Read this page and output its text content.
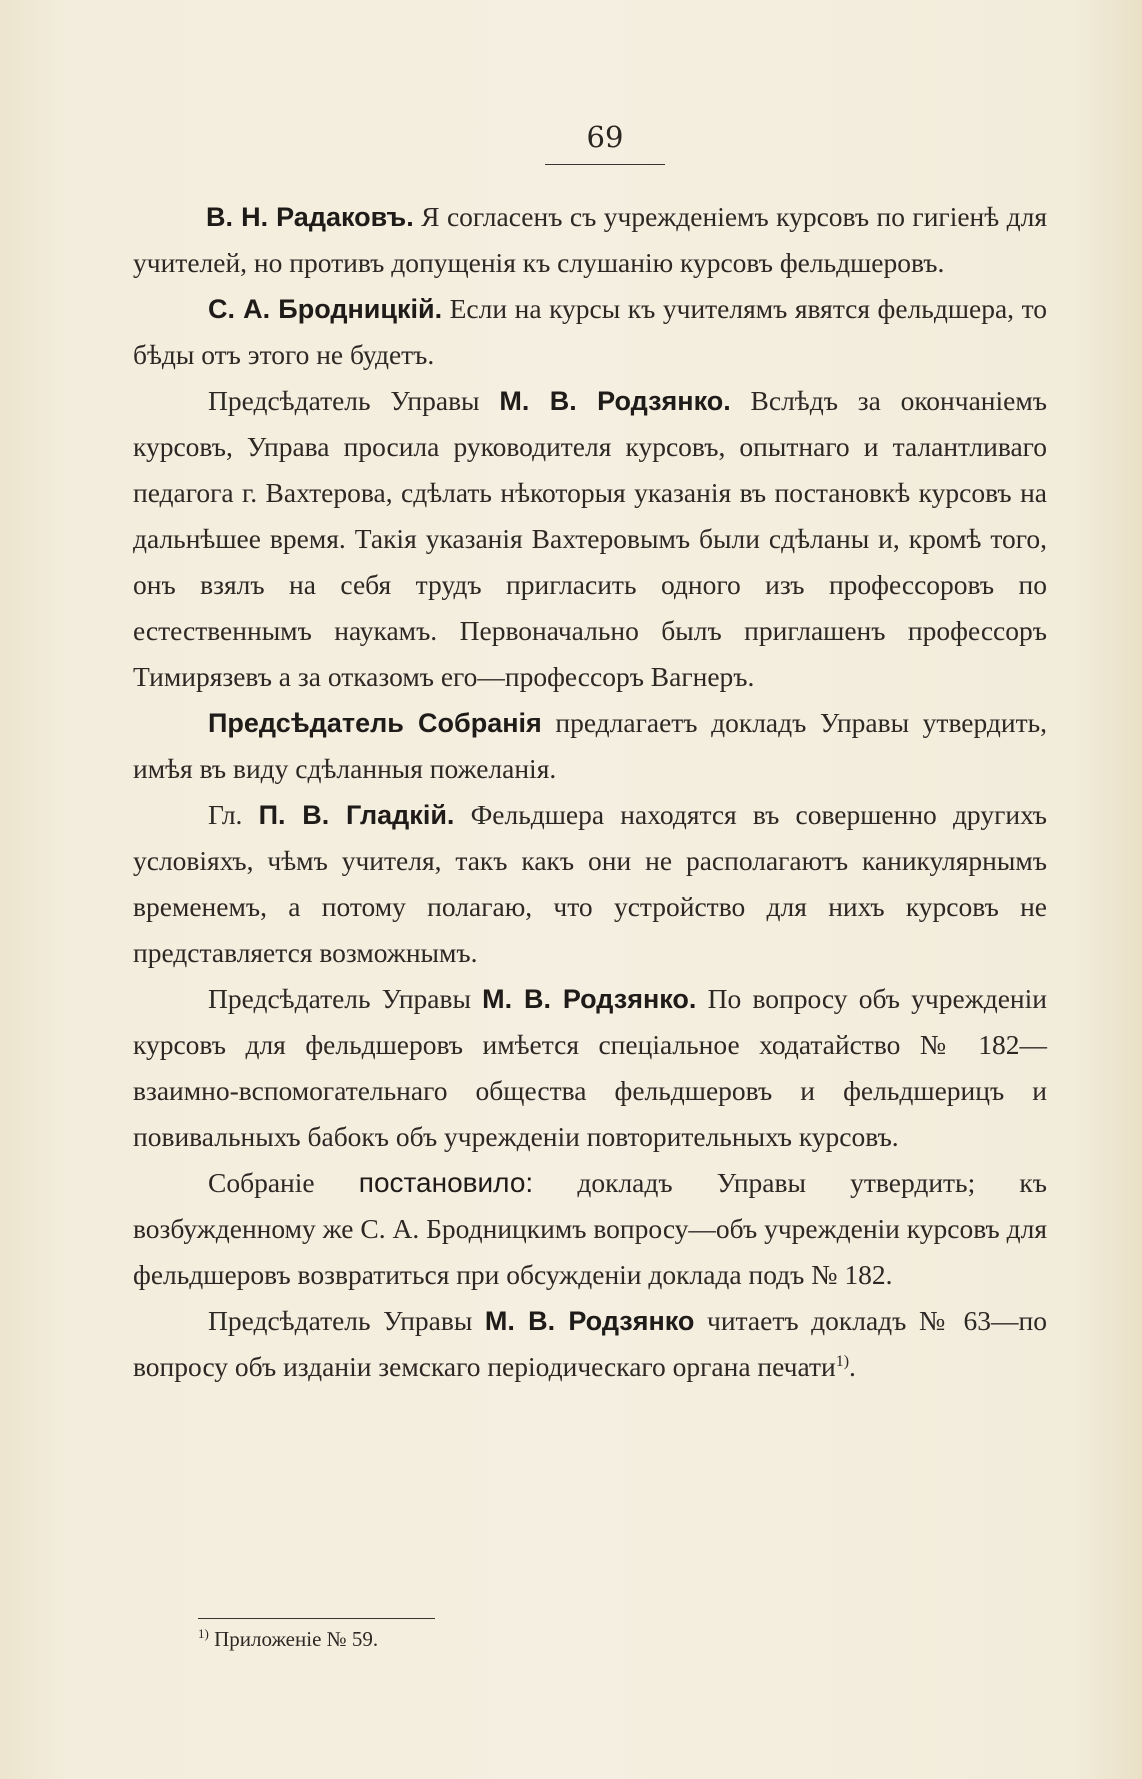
69

В. Н. Радаковъ. Я согласенъ съ учрежденіемъ курсовъ по гигіенѣ для учителей, но противъ допущенія къ слушанію курсовъ фельдшеровъ.

С. А. Бродницкій. Если на курсы къ учителямъ явятся фельдшера, то бѣды отъ этого не будетъ.

Предсѣдатель Управы М. В. Родзянко. Вслѣдъ за окончаніемъ курсовъ, Управа просила руководителя курсовъ, опытнаго и талантливаго педагога г. Вахтерова, сдѣлать нѣкоторыя указанія въ постановкѣ курсовъ на дальнѣшее время. Такія указанія Вахтеровымъ были сдѣланы и, кромѣ того, онъ взялъ на себя трудъ пригласить одного изъ профессоровъ по естественнымъ наукамъ. Первоначально былъ приглашенъ профессоръ Тимирязевъ а за отказомъ его—профессоръ Вагнеръ.

Предсѣдатель Собранія предлагаетъ докладъ Управы утвердить, имѣя въ виду сдѣланныя пожеланія.

Гл. П. В. Гладкій. Фельдшера находятся въ совершенно другихъ условіяхъ, чѣмъ учителя, такъ какъ они не располагаютъ каникулярнымъ временемъ, а потому полагаю, что устройство для нихъ курсовъ не представляется возможнымъ.

Предсѣдатель Управы М. В. Родзянко. По вопросу объ учрежденіи курсовъ для фельдшеровъ имѣется спеціальное ходатайство № 182—взаимно-вспомогательнаго общества фельдшеровъ и фельдшерицъ и повивальныхъ бабокъ объ учрежденіи повторительныхъ курсовъ.

Собраніе постановило: докладъ Управы утвердить; къ возбужденному же С. А. Бродницкимъ вопросу—объ учрежденіи курсовъ для фельдшеровъ возвратиться при обсужденіи доклада подъ № 182.

Предсѣдатель Управы М. В. Родзянко читаетъ докладъ № 63—по вопросу объ изданіи земскаго періодическаго органа печати$^{1)}$.

$^{1)}$ Приложеніе № 59.
